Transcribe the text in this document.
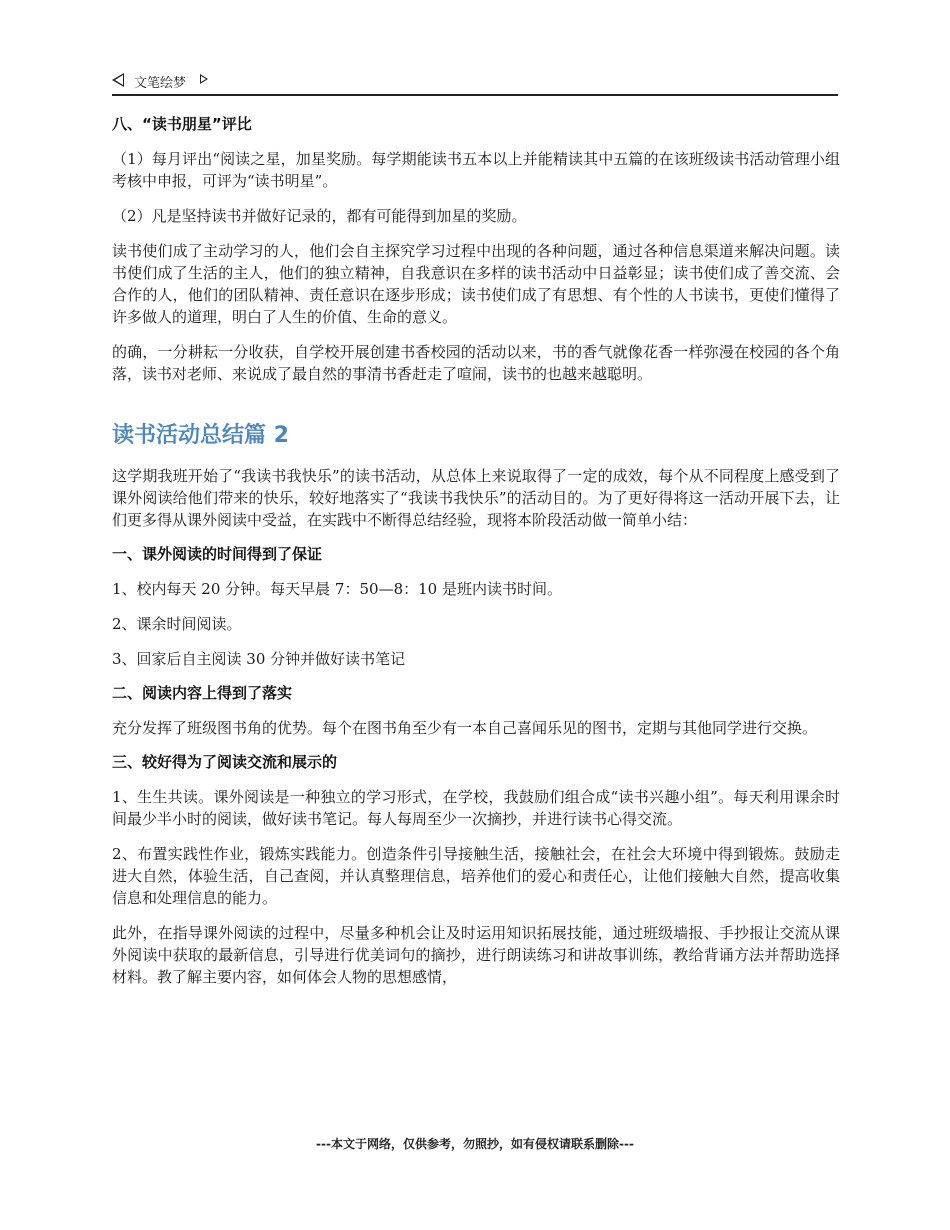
文笔绘梦
八、“读书朋星”评比

（1）每月评出“阅读之星，加星奖励。每学期能读书五本以上并能精读其中五篇的在该班级读书活动管理小组考核中申报，可评为“读书明星”。

（2）凡是坚持读书并做好记录的，都有可能得到加星的奖励。

读书使们成了主动学习的人，他们会自主探究学习过程中出现的各种问题，通过各种信息渠道来解决问题。读书使们成了生活的主人，他们的独立精神，自我意识在多样的读书活动中日益彰显；读书使们成了善交流、会合作的人，他们的团队精神、责任意识在逐步形成；读书使们成了有思想、有个性的人书读书，更使们懂得了许多做人的道理，明白了人生的价值、生命的意义。

的确，一分耕耘一分收获，自学校开展创建书香校园的活动以来，书的香气就像花香一样弥漫在校园的各个角落，读书对老师、来说成了最自然的事清书香赶走了喧闹，读书的也越来越聪明。

读书活动总结篇 2

这学期我班开始了“我读书我快乐”的读书活动，从总体上来说取得了一定的成效，每个从不同程度上感受到了课外阅读给他们带来的快乐，较好地落实了“我读书我快乐”的活动目的。为了更好得将这一活动开展下去，让们更多得从课外阅读中受益，在实践中不断得总结经验，现将本阶段活动做一简单小结：

一、课外阅读的时间得到了保证

1、校内每天 20 分钟。每天早晨 7：50—8：10 是班内读书时间。

2、课余时间阅读。

3、回家后自主阅读 30 分钟并做好读书笔记

二、阅读内容上得到了落实

充分发挥了班级图书角的优势。每个在图书角至少有一本自己喜闻乐见的图书，定期与其他同学进行交换。

三、较好得为了阅读交流和展示的

1、生生共读。课外阅读是一种独立的学习形式，在学校，我鼓励们组合成“读书兴趣小组”。每天利用课余时间最少半小时的阅读，做好读书笔记。每人每周至少一次摘抄，并进行读书心得交流。

2、布置实践性作业，锻炼实践能力。创造条件引导接触生活，接触社会，在社会大环境中得到锻炼。鼓励走进大自然，体验生活，自己查阅，并认真整理信息，培养他们的爱心和责任心，让他们接触大自然，提高收集信息和处理信息的能力。

此外，在指导课外阅读的过程中，尽量多种机会让及时运用知识拓展技能，通过班级墙报、手抄报让交流从课外阅读中获取的最新信息，引导进行优美词句的摘抄，进行朗读练习和讲故事训练，教给背诵方法并帮助选择材料。教了解主要内容，如何体会人物的思想感情，

---本文于网络，仅供参考，勿照抄，如有侵权请联系删除---
